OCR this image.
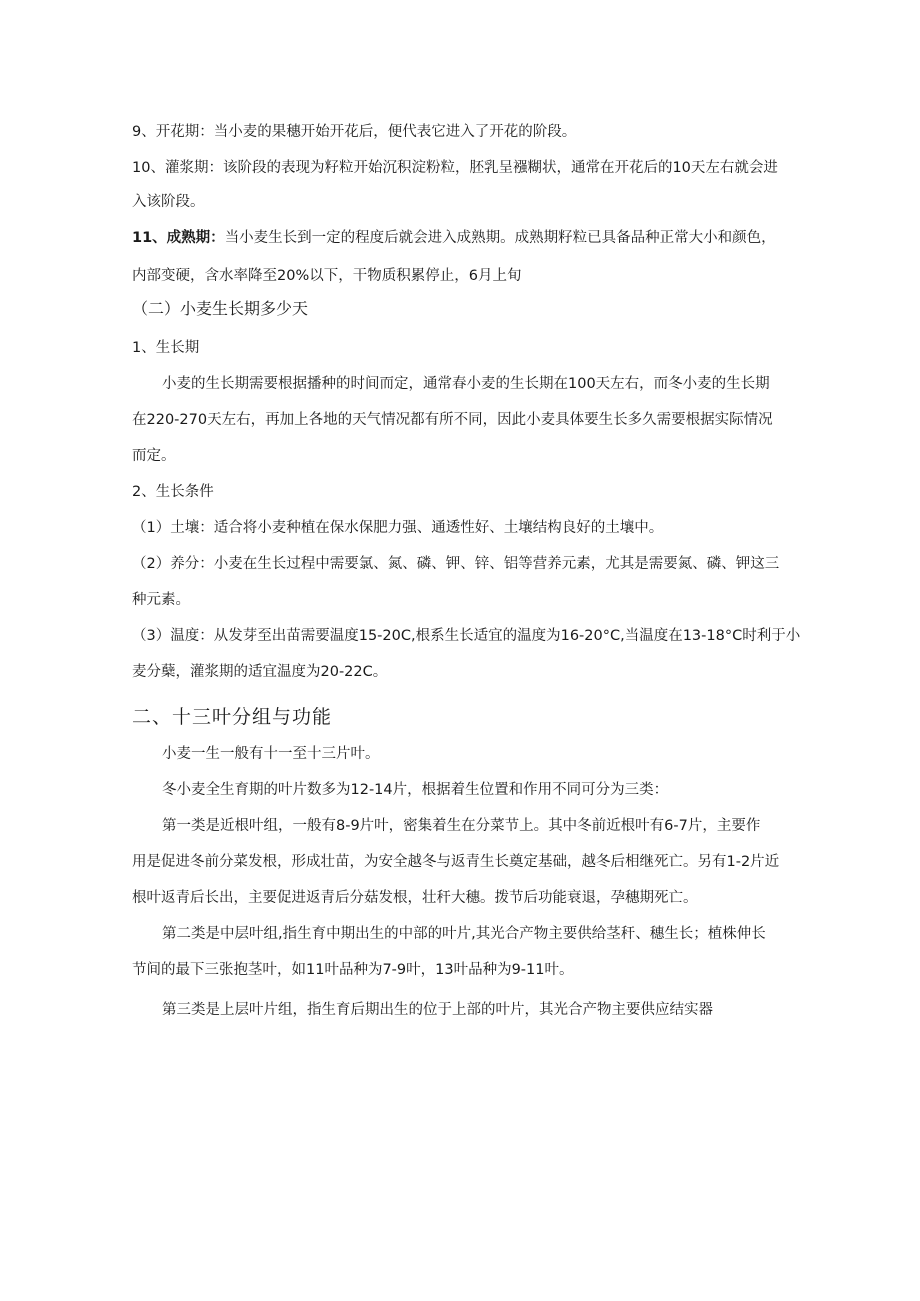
9、开花期：当小麦的果穗开始开花后，便代表它进入了开花的阶段。
10、灌浆期：该阶段的表现为籽粒开始沉积淀粉粒，胚乳呈襁糊状，通常在开花后的10天左右就会进
入该阶段。
11、成熟期：当小麦生长到一定的程度后就会进入成熟期。成熟期籽粒已具备品种正常大小和颜色，
内部变硬，含水率降至20%以下，干物质积累停止，6月上旬
（二）小麦生长期多少天
1、生长期
小麦的生长期需要根据播种的时间而定，通常春小麦的生长期在100天左右，而冬小麦的生长期
在220-270天左右，再加上各地的天气情况都有所不同，因此小麦具体要生长多久需要根据实际情况
而定。
2、生长条件
（1）土壤：适合将小麦种植在保水保肥力强、通透性好、土壤结构良好的土壤中。
（2）养分：小麦在生长过程中需要氯、氮、磷、钾、锌、铝等营养元素，尤其是需要氮、磷、钾这三
种元素。
（3）温度：从发芽至出苗需要温度15-20C,根系生长适宜的温度为16-20°C,当温度在13-18°C时利于小
麦分蘖，灌浆期的适宜温度为20-22C。
二、十三叶分组与功能
小麦一生一般有十一至十三片叶。
冬小麦全生育期的叶片数多为12-14片，根据着生位置和作用不同可分为三类：
第一类是近根叶组，一般有8-9片叶，密集着生在分菜节上。其中冬前近根叶有6-7片，主要作
用是促进冬前分菜发根，形成壮苗，为安全越冬与返青生长奠定基础，越冬后相继死亡。另有1-2片近
根叶返青后长出，主要促进返青后分菇发根，壮秆大穗。拨节后功能衰退，孕穗期死亡。
第二类是中层叶组,指生育中期出生的中部的叶片,其光合产物主要供给茎秆、穗生长；植株伸长
节间的最下三张抱茎叶，如11叶品种为7-9叶，13叶品种为9-11叶。
第三类是上层叶片组，指生育后期出生的位于上部的叶片，其光合产物主要供应结实器
